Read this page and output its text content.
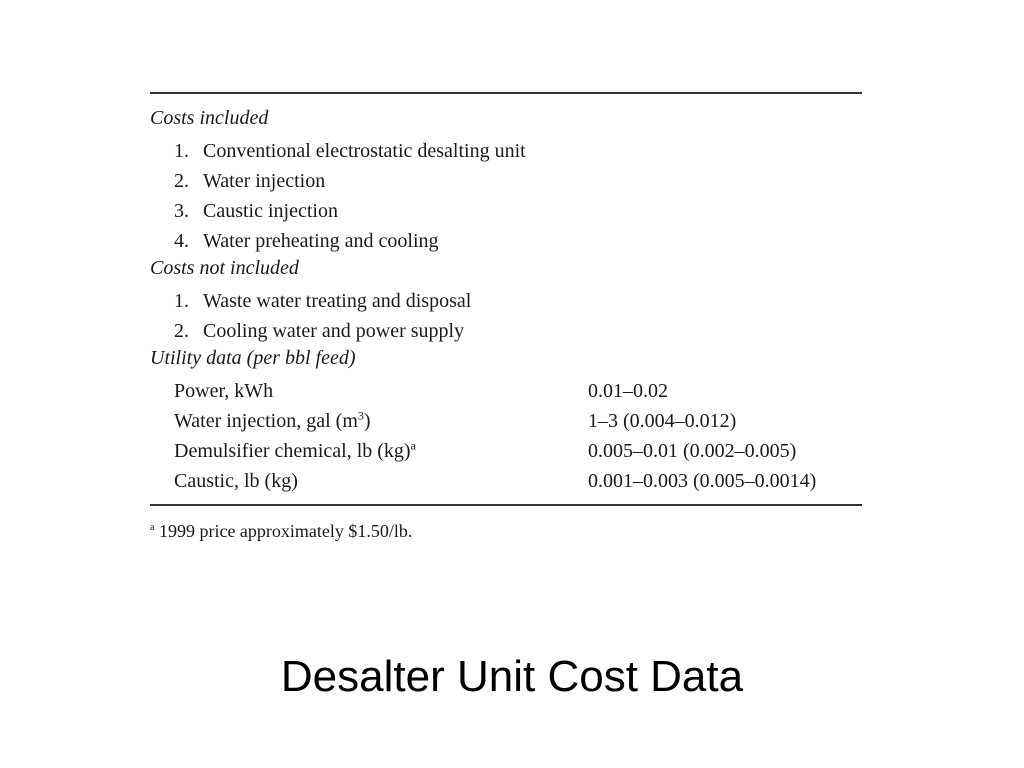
Costs included
1. Conventional electrostatic desalting unit
2. Water injection
3. Caustic injection
4. Water preheating and cooling
Costs not included
1. Waste water treating and disposal
2. Cooling water and power supply
Utility data (per bbl feed)
Power, kWh	0.01–0.02
Water injection, gal $(m^3)$	1–3 (0.004–0.012)
Demulsifier chemical, lb (kg)$^a$	0.005–0.01 (0.002–0.005)
Caustic, lb (kg)	0.001–0.003 (0.005–0.0014)
$^a$ 1999 price approximately $1.50/lb.
Desalter Unit Cost Data
